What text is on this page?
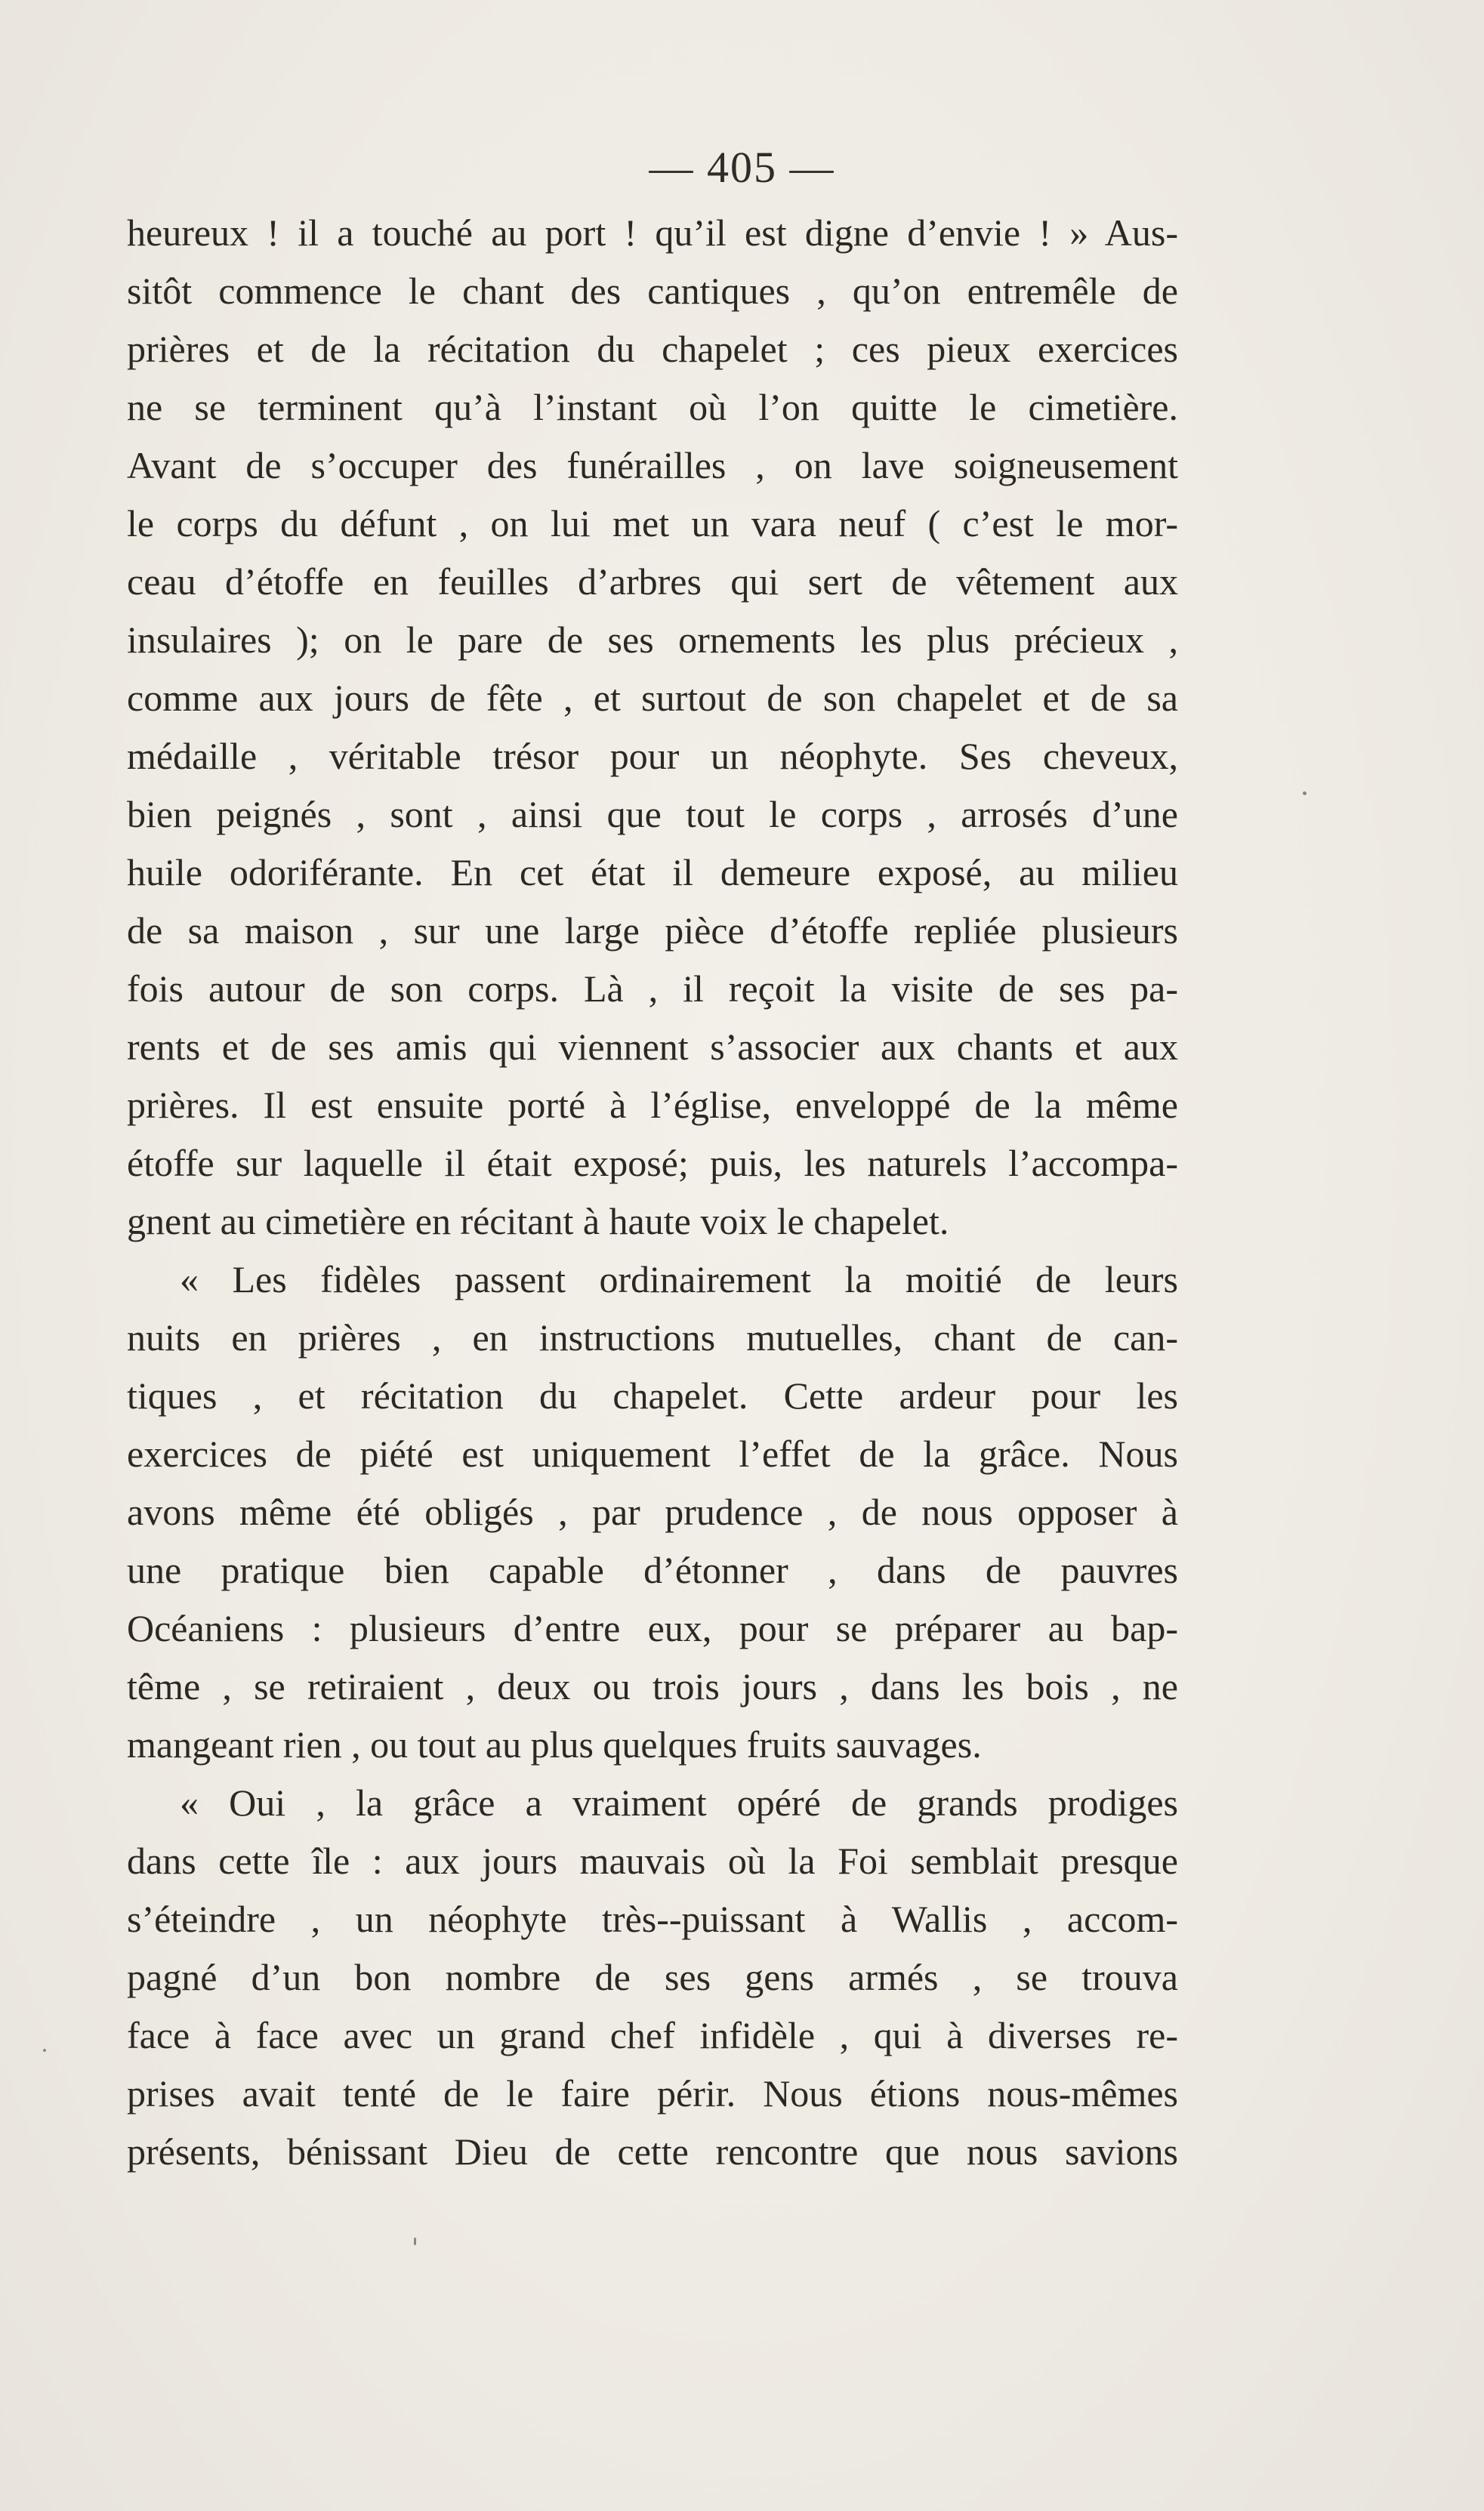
— 405 —
heureux ! il a touché au port ! qu’il est digne d’envie ! » Aus-
sitôt commence le chant des cantiques , qu’on entremêle de
prières et de la récitation du chapelet ; ces pieux exercices
ne se terminent qu’à l’instant où l’on quitte le cimetière.
Avant de s’occuper des funérailles , on lave soigneusement
le corps du défunt , on lui met un vara neuf ( c’est le mor-
ceau d’étoffe en feuilles d’arbres qui sert de vêtement aux
insulaires ); on le pare de ses ornements les plus précieux ,
comme aux jours de fête , et surtout de son chapelet et de sa
médaille , véritable trésor pour un néophyte. Ses cheveux,
bien peignés , sont , ainsi que tout le corps , arrosés d’une
huile odoriférante. En cet état il demeure exposé, au milieu
de sa maison , sur une large pièce d’étoffe repliée plusieurs
fois autour de son corps. Là , il reçoit la visite de ses pa-
rents et de ses amis qui viennent s’associer aux chants et aux
prières. Il est ensuite porté à l’église, enveloppé de la même
étoffe sur laquelle il était exposé; puis, les naturels l’accompa-
gnent au cimetière en récitant à haute voix le chapelet.
« Les fidèles passent ordinairement la moitié de leurs
nuits en prières , en instructions mutuelles, chant de can-
tiques , et récitation du chapelet. Cette ardeur pour les
exercices de piété est uniquement l’effet de la grâce. Nous
avons même été obligés , par prudence , de nous opposer à
une pratique bien capable d’étonner , dans de pauvres
Océaniens : plusieurs d’entre eux, pour se préparer au bap-
tême , se retiraient , deux ou trois jours , dans les bois , ne
mangeant rien , ou tout au plus quelques fruits sauvages.
« Oui , la grâce a vraiment opéré de grands prodiges
dans cette île : aux jours mauvais où la Foi semblait presque
s’éteindre , un néophyte très--puissant à Wallis , accom-
pagné d’un bon nombre de ses gens armés , se trouva
face à face avec un grand chef infidèle , qui à diverses re-
prises avait tenté de le faire périr. Nous étions nous-mêmes
présents, bénissant Dieu de cette rencontre que nous savions
